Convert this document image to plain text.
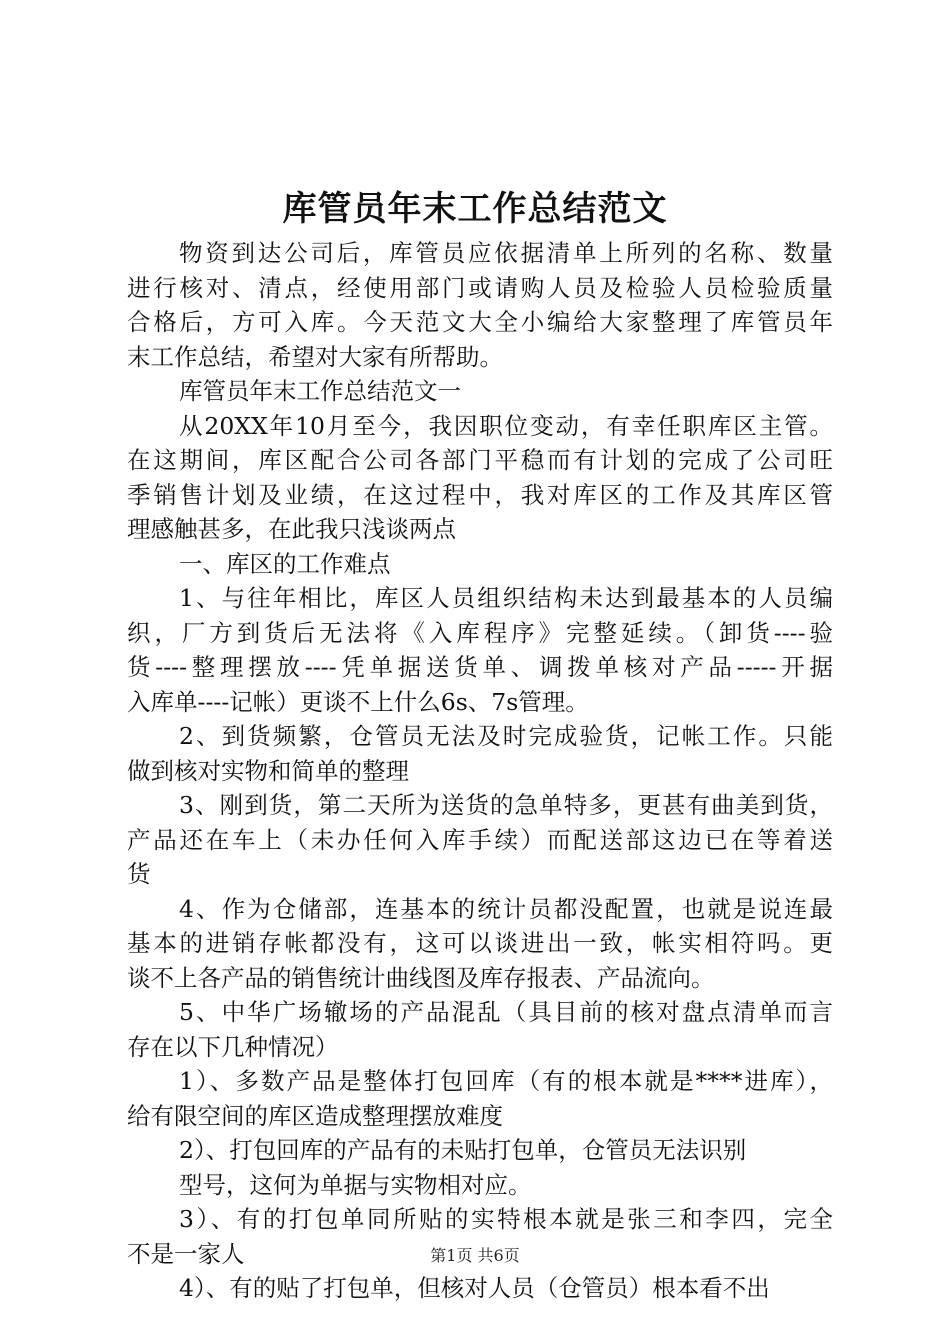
库管员年末工作总结范文
物资到达公司后，库管员应依据清单上所列的名称、数量
进行核对、清点，经使用部门或请购人员及检验人员检验质量
合格后，方可入库。今天范文大全小编给大家整理了库管员年
末工作总结，希望对大家有所帮助。
库管员年末工作总结范文一
从20XX年10月至今，我因职位变动，有幸任职库区主管。
在这期间，库区配合公司各部门平稳而有计划的完成了公司旺
季销售计划及业绩，在这过程中，我对库区的工作及其库区管
理感触甚多，在此我只浅谈两点
一、库区的工作难点
1、与往年相比，库区人员组织结构未达到最基本的人员编
织，厂方到货后无法将《入库程序》完整延续。（卸货----验
货----整理摆放----凭单据送货单、调拨单核对产品-----开据
入库单----记帐）更谈不上什么6s、7s管理。
2、到货频繁，仓管员无法及时完成验货，记帐工作。只能
做到核对实物和简单的整理
3、刚到货，第二天所为送货的急单特多，更甚有曲美到货，
产品还在车上（未办任何入库手续）而配送部这边已在等着送
货
4、作为仓储部，连基本的统计员都没配置，也就是说连最
基本的进销存帐都没有，这可以谈进出一致，帐实相符吗。更
谈不上各产品的销售统计曲线图及库存报表、产品流向。
5、中华广场辙场的产品混乱（具目前的核对盘点清单而言
存在以下几种情况）
1）、多数产品是整体打包回库（有的根本就是****进库），
给有限空间的库区造成整理摆放难度
2）、打包回库的产品有的未贴打包单，仓管员无法识别
型号，这何为单据与实物相对应。
3）、有的打包单同所贴的实特根本就是张三和李四，完全
不是一家人
4）、有的贴了打包单，但核对人员（仓管员）根本看不出
第1页 共6页
